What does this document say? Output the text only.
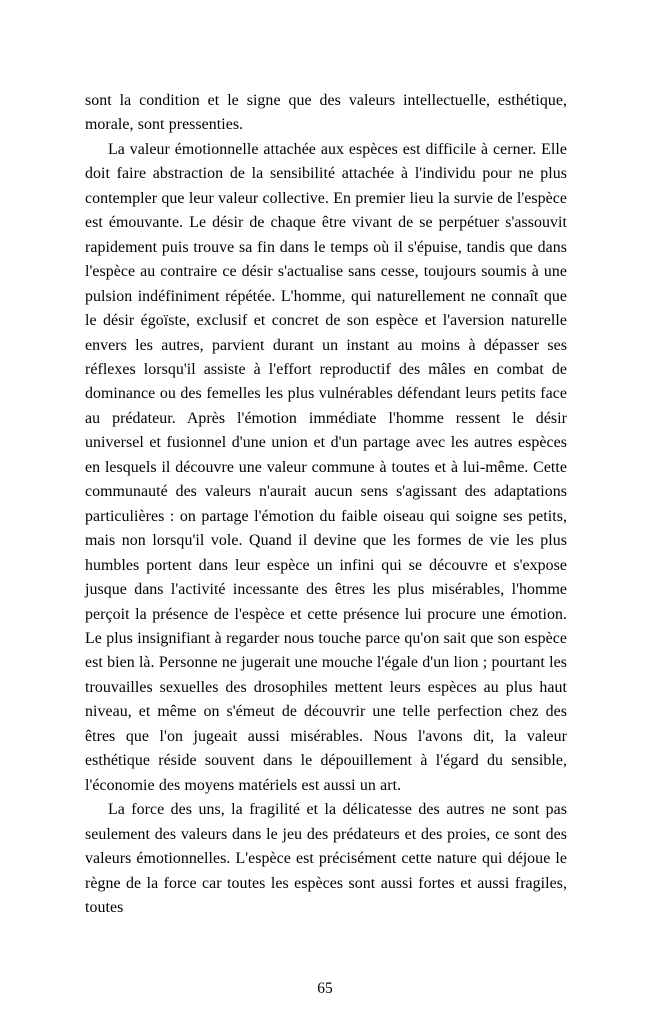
sont la condition et le signe que des valeurs intellectuelle, esthétique, morale, sont pressenties.

La valeur émotionnelle attachée aux espèces est difficile à cerner. Elle doit faire abstraction de la sensibilité attachée à l'individu pour ne plus contempler que leur valeur collective. En premier lieu la survie de l'espèce est émouvante. Le désir de chaque être vivant de se perpétuer s'assouvit rapidement puis trouve sa fin dans le temps où il s'épuise, tandis que dans l'espèce au contraire ce désir s'actualise sans cesse, toujours soumis à une pulsion indéfiniment répétée. L'homme, qui naturellement ne connaît que le désir égoïste, exclusif et concret de son espèce et l'aversion naturelle envers les autres, parvient durant un instant au moins à dépasser ses réflexes lorsqu'il assiste à l'effort reproductif des mâles en combat de dominance ou des femelles les plus vulnérables défendant leurs petits face au prédateur. Après l'émotion immédiate l'homme ressent le désir universel et fusionnel d'une union et d'un partage avec les autres espèces en lesquels il découvre une valeur commune à toutes et à lui-même. Cette communauté des valeurs n'aurait aucun sens s'agissant des adaptations particulières : on partage l'émotion du faible oiseau qui soigne ses petits, mais non lorsqu'il vole. Quand il devine que les formes de vie les plus humbles portent dans leur espèce un infini qui se découvre et s'expose jusque dans l'activité incessante des êtres les plus misérables, l'homme perçoit la présence de l'espèce et cette présence lui procure une émotion. Le plus insignifiant à regarder nous touche parce qu'on sait que son espèce est bien là. Personne ne jugerait une mouche l'égale d'un lion ; pourtant les trouvailles sexuelles des drosophiles mettent leurs espèces au plus haut niveau, et même on s'émeut de découvrir une telle perfection chez des êtres que l'on jugeait aussi misérables. Nous l'avons dit, la valeur esthétique réside souvent dans le dépouillement à l'égard du sensible, l'économie des moyens matériels est aussi un art.

La force des uns, la fragilité et la délicatesse des autres ne sont pas seulement des valeurs dans le jeu des prédateurs et des proies, ce sont des valeurs émotionnelles. L'espèce est précisément cette nature qui déjoue le règne de la force car toutes les espèces sont aussi fortes et aussi fragiles, toutes

65
